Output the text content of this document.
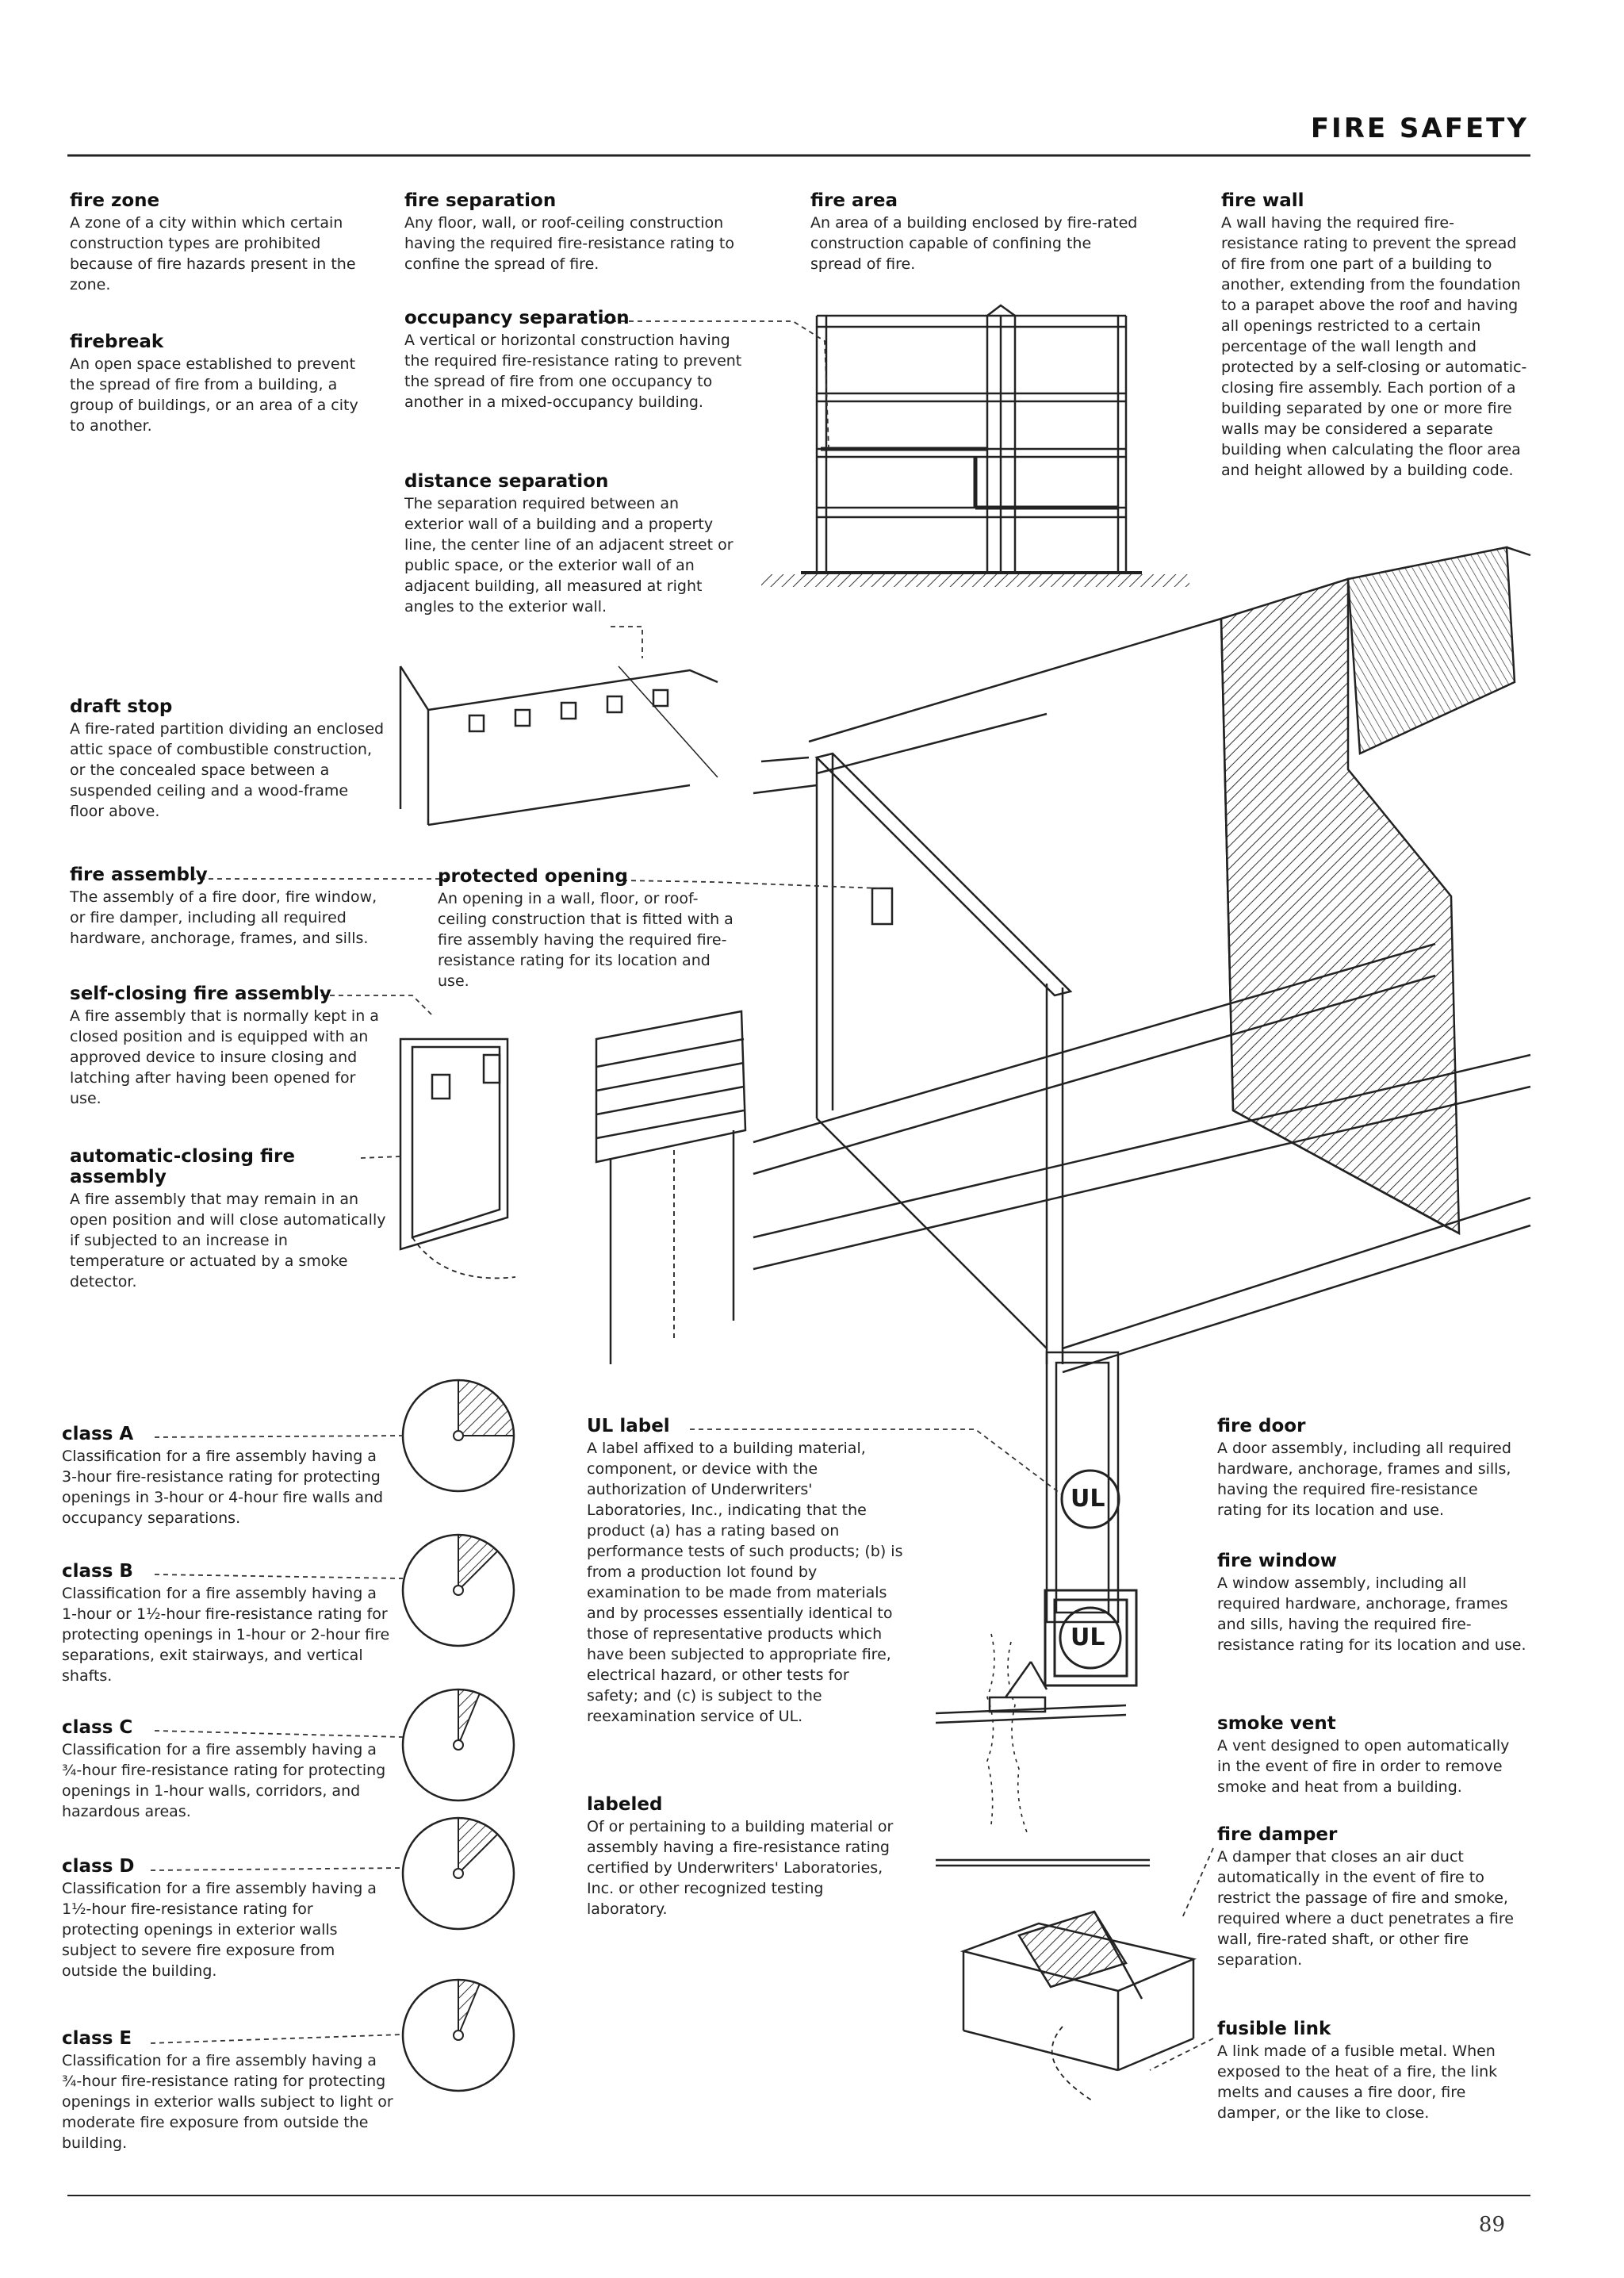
FIRE SAFETY
UL
UL

fire zone

A zone of a city within which certain construction types are prohibited because of fire hazards present in the zone.

firebreak

An open space established to prevent the spread of fire from a building, a group of buildings, or an area of a city to another.

draft stop

A fire-rated partition dividing an enclosed attic space of combustible construction, or the concealed space between a suspended ceiling and a wood-frame floor above.

fire assembly

The assembly of a fire door, fire window, or fire damper, including all required hardware, anchorage, frames, and sills.

self-closing fire assembly

A fire assembly that is normally kept in a closed position and is equipped with an approved device to insure closing and latching after having been opened for use.

automatic-closing fire assembly

A fire assembly that may remain in an open position and will close automatically if subjected to an increase in temperature or actuated by a smoke detector.

class A

Classification for a fire assembly having a 3-hour fire-resistance rating for protecting openings in 3-hour or 4-hour fire walls and occupancy separations.

class B

Classification for a fire assembly having a 1-hour or 1½-hour fire-resistance rating for protecting openings in 1-hour or 2-hour fire separations, exit stairways, and vertical shafts.

class C

Classification for a fire assembly having a ¾-hour fire-resistance rating for protecting openings in 1-hour walls, corridors, and hazardous areas.

class D

Classification for a fire assembly having a 1½-hour fire-resistance rating for protecting openings in exterior walls subject to severe fire exposure from outside the building.

class E

Classification for a fire assembly having a ¾-hour fire-resistance rating for protecting openings in exterior walls subject to light or moderate fire exposure from outside the building.

fire separation

Any floor, wall, or roof-ceiling construction having the required fire-resistance rating to confine the spread of fire.

occupancy separation

A vertical or horizontal construction having the required fire-resistance rating to prevent the spread of fire from one occupancy to another in a mixed-occupancy building.

distance separation

The separation required between an exterior wall of a building and a property line, the center line of an adjacent street or public space, or the exterior wall of an adjacent building, all measured at right angles to the exterior wall.

protected opening

An opening in a wall, floor, or roof-ceiling construction that is fitted with a fire assembly having the required fire-resistance rating for its location and use.

UL label

A label affixed to a building material, component, or device with the authorization of Underwriters' Laboratories, Inc., indicating that the product (a) has a rating based on performance tests of such products; (b) is from a production lot found by examination to be made from materials and by processes essentially identical to those of representative products which have been subjected to appropriate fire, electrical hazard, or other tests for safety; and (c) is subject to the reexamination service of UL.

labeled

Of or pertaining to a building material or assembly having a fire-resistance rating certified by Underwriters' Laboratories, Inc. or other recognized testing laboratory.

fire area

An area of a building enclosed by fire-rated construction capable of confining the spread of fire.

fire wall

A wall having the required fire-resistance rating to prevent the spread of fire from one part of a building to another, extending from the foundation to a parapet above the roof and having all openings restricted to a certain percentage of the wall length and protected by a self-closing or automatic-closing fire assembly. Each portion of a building separated by one or more fire walls may be considered a separate building when calculating the floor area and height allowed by a building code.

fire door

A door assembly, including all required hardware, anchorage, frames and sills, having the required fire-resistance rating for its location and use.

fire window

A window assembly, including all required hardware, anchorage, frames and sills, having the required fire-resistance rating for its location and use.

smoke vent

A vent designed to open automatically in the event of fire in order to remove smoke and heat from a building.

fire damper

A damper that closes an air duct automatically in the event of fire to restrict the passage of fire and smoke, required where a duct penetrates a fire wall, fire-rated shaft, or other fire separation.

fusible link

A link made of a fusible metal. When exposed to the heat of a fire, the link melts and causes a fire door, fire damper, or the like to close.

89
